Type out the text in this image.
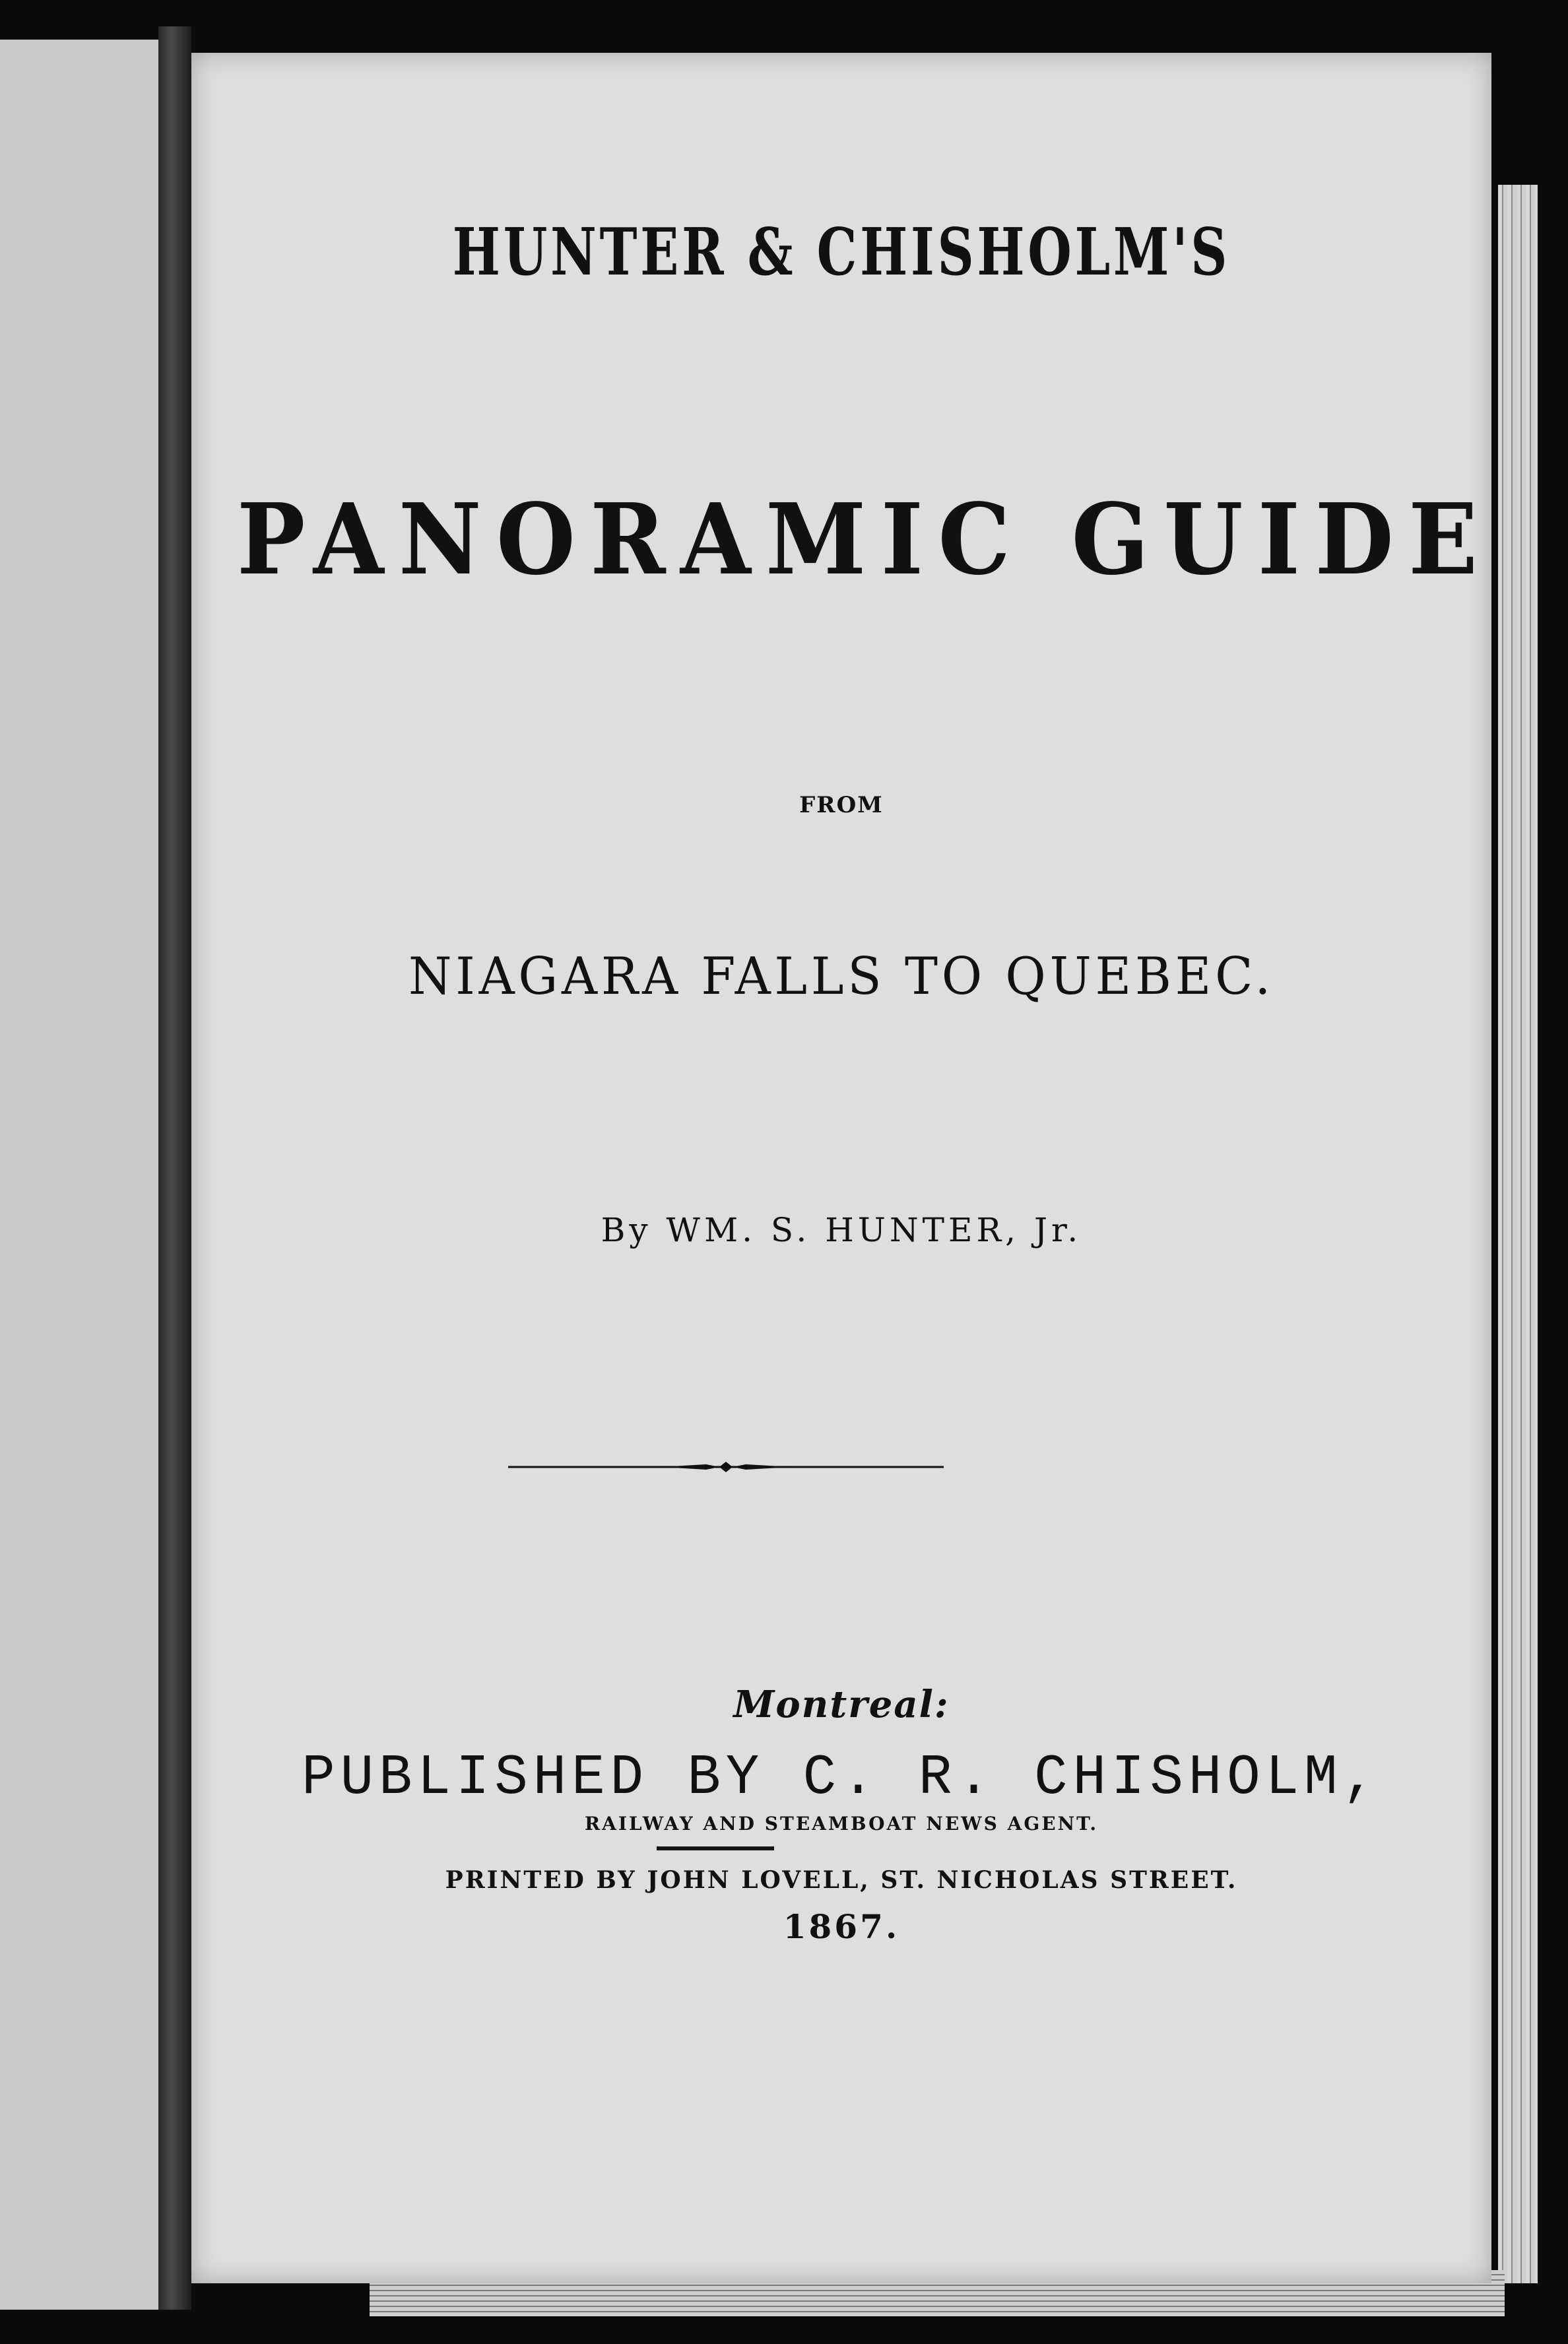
HUNTER & CHISHOLM'S
PANORAMIC GUIDE
FROM
NIAGARA FALLS TO QUEBEC.
By WM. S. HUNTER, Jr.
Montreal:
PUBLISHED BY C. R. CHISHOLM,
RAILWAY AND STEAMBOAT NEWS AGENT.
PRINTED BY JOHN LOVELL, ST. NICHOLAS STREET.
1867.
